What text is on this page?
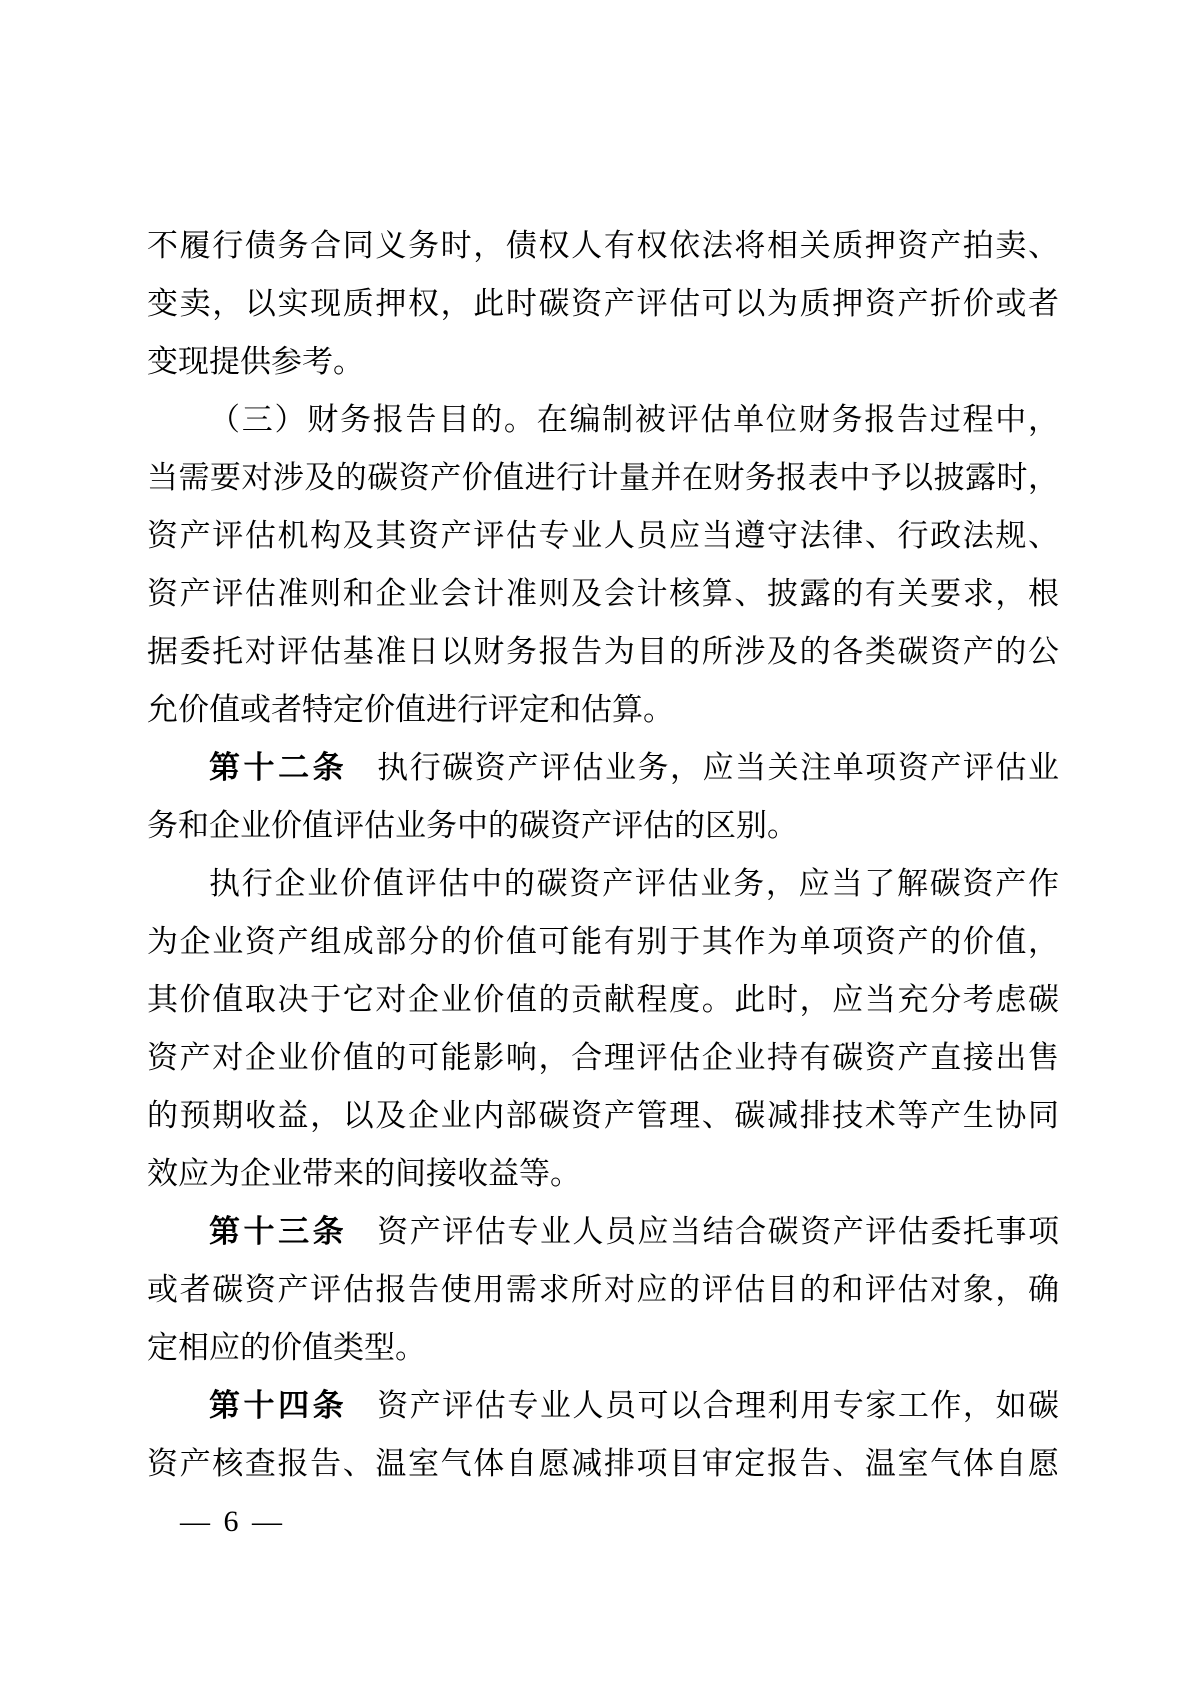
不履行债务合同义务时，债权人有权依法将相关质押资产拍卖、
变卖，以实现质押权，此时碳资产评估可以为质押资产折价或者
变现提供参考。
（三）财务报告目的。在编制被评估单位财务报告过程中，
当需要对涉及的碳资产价值进行计量并在财务报表中予以披露时，
资产评估机构及其资产评估专业人员应当遵守法律、行政法规、
资产评估准则和企业会计准则及会计核算、披露的有关要求，根
据委托对评估基准日以财务报告为目的所涉及的各类碳资产的公
允价值或者特定价值进行评定和估算。
第十二条 执行碳资产评估业务，应当关注单项资产评估业
务和企业价值评估业务中的碳资产评估的区别。
执行企业价值评估中的碳资产评估业务，应当了解碳资产作
为企业资产组成部分的价值可能有别于其作为单项资产的价值，
其价值取决于它对企业价值的贡献程度。此时，应当充分考虑碳
资产对企业价值的可能影响，合理评估企业持有碳资产直接出售
的预期收益，以及企业内部碳资产管理、碳减排技术等产生协同
效应为企业带来的间接收益等。
第十三条 资产评估专业人员应当结合碳资产评估委托事项
或者碳资产评估报告使用需求所对应的评估目的和评估对象，确
定相应的价值类型。
第十四条 资产评估专业人员可以合理利用专家工作，如碳
资产核查报告、温室气体自愿减排项目审定报告、温室气体自愿
— 6 —
